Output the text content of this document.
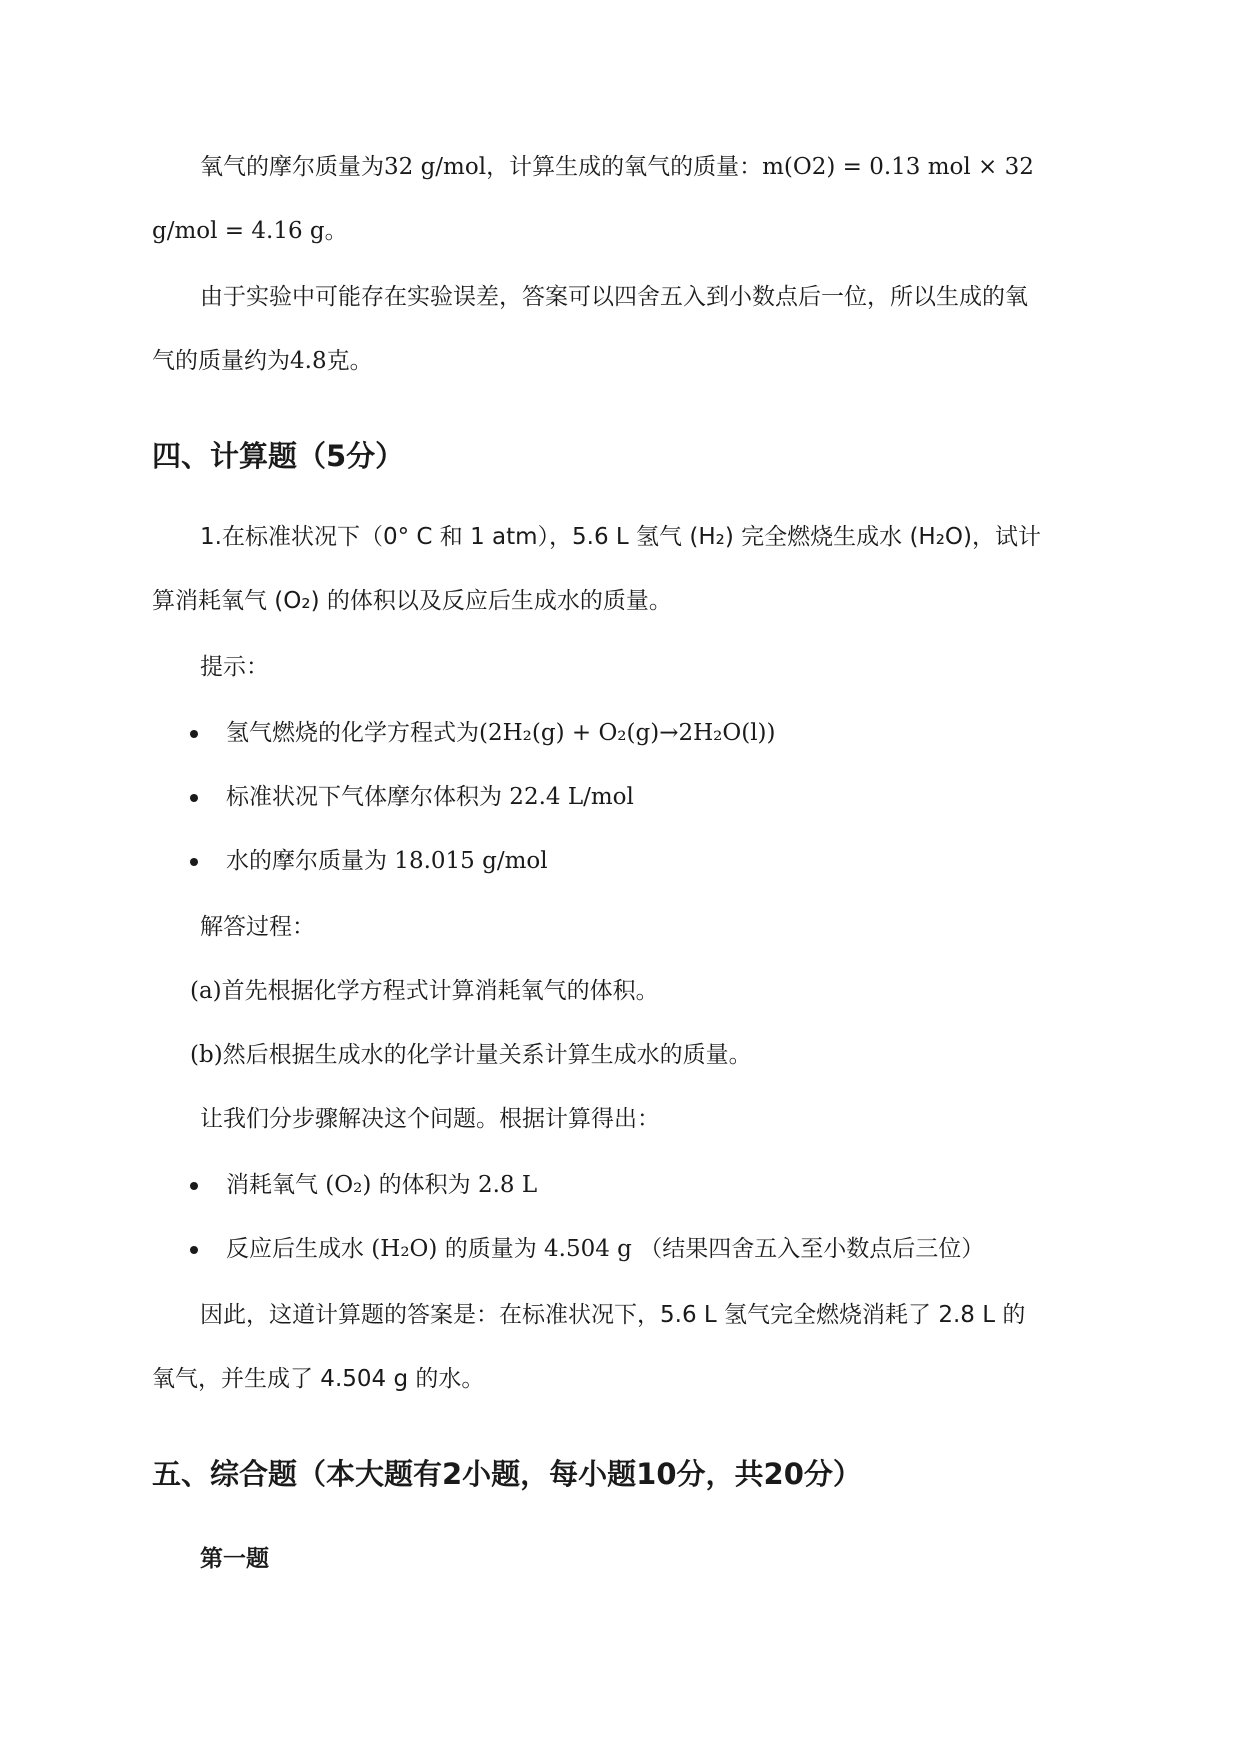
氧气的摩尔质量为32 g/mol，计算生成的氧气的质量：m(O2) = 0.13 mol × 32
g/mol = 4.16 g。
由于实验中可能存在实验误差，答案可以四舍五入到小数点后一位，所以生成的氧
气的质量约为4.8克。
四、计算题（5分）
1.在标准状况下（0° C 和 1 atm），5.6 L 氢气 (H₂) 完全燃烧生成水 (H₂O)，试计
算消耗氧气 (O₂) 的体积以及反应后生成水的质量。
提示：
氢气燃烧的化学方程式为(2H₂(g) + O₂(g)→2H₂O(l))
标准状况下气体摩尔体积为 22.4 L/mol
水的摩尔质量为 18.015 g/mol
解答过程：
(a)首先根据化学方程式计算消耗氧气的体积。
(b)然后根据生成水的化学计量关系计算生成水的质量。
让我们分步骤解决这个问题。根据计算得出：
消耗氧气 (O₂) 的体积为 2.8 L
反应后生成水 (H₂O) 的质量为 4.504 g （结果四舍五入至小数点后三位）
因此，这道计算题的答案是：在标准状况下，5.6 L 氢气完全燃烧消耗了 2.8 L 的
氧气，并生成了 4.504 g 的水。
五、综合题（本大题有2小题，每小题10分，共20分）
第一题
